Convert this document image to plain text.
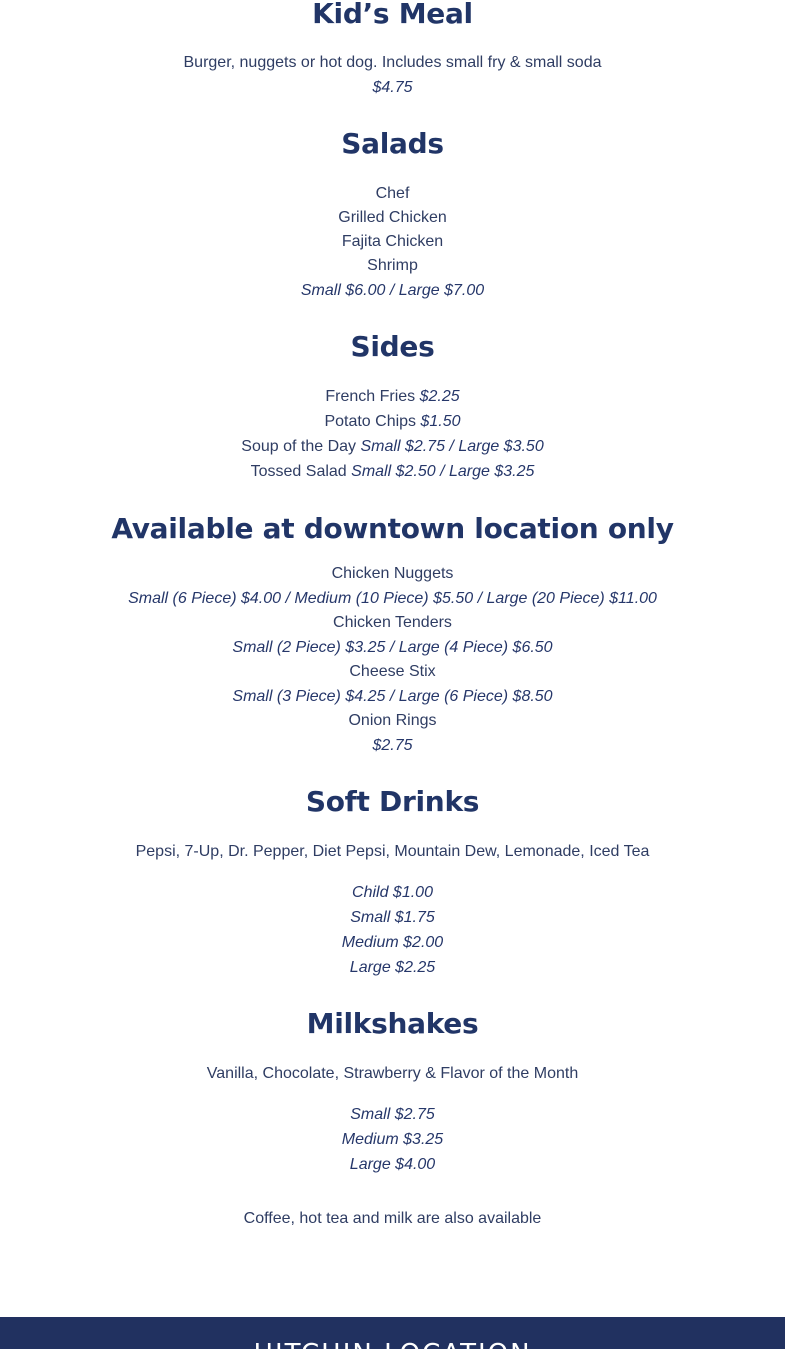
Kid’s Meal
Burger, nuggets or hot dog. Includes small fry & small soda
$4.75
Salads
Chef
Grilled Chicken
Fajita Chicken
Shrimp
Small $6.00 / Large $7.00
Sides
French Fries $2.25
Potato Chips $1.50
Soup of the Day Small $2.75 / Large $3.50
Tossed Salad Small $2.50 / Large $3.25
Available at downtown location only
Chicken Nuggets
Small (6 Piece) $4.00 / Medium (10 Piece) $5.50 / Large (20 Piece) $11.00
Chicken Tenders
Small (2 Piece) $3.25 / Large (4 Piece) $6.50
Cheese Stix
Small (3 Piece) $4.25 / Large (6 Piece) $8.50
Onion Rings
$2.75
Soft Drinks
Pepsi, 7-Up, Dr. Pepper, Diet Pepsi, Mountain Dew, Lemonade, Iced Tea
Child $1.00
Small $1.75
Medium $2.00
Large $2.25
Milkshakes
Vanilla, Chocolate, Strawberry & Flavor of the Month
Small $2.75
Medium $3.25
Large $4.00
Coffee, hot tea and milk are also available
HITCHIN LOCATION
